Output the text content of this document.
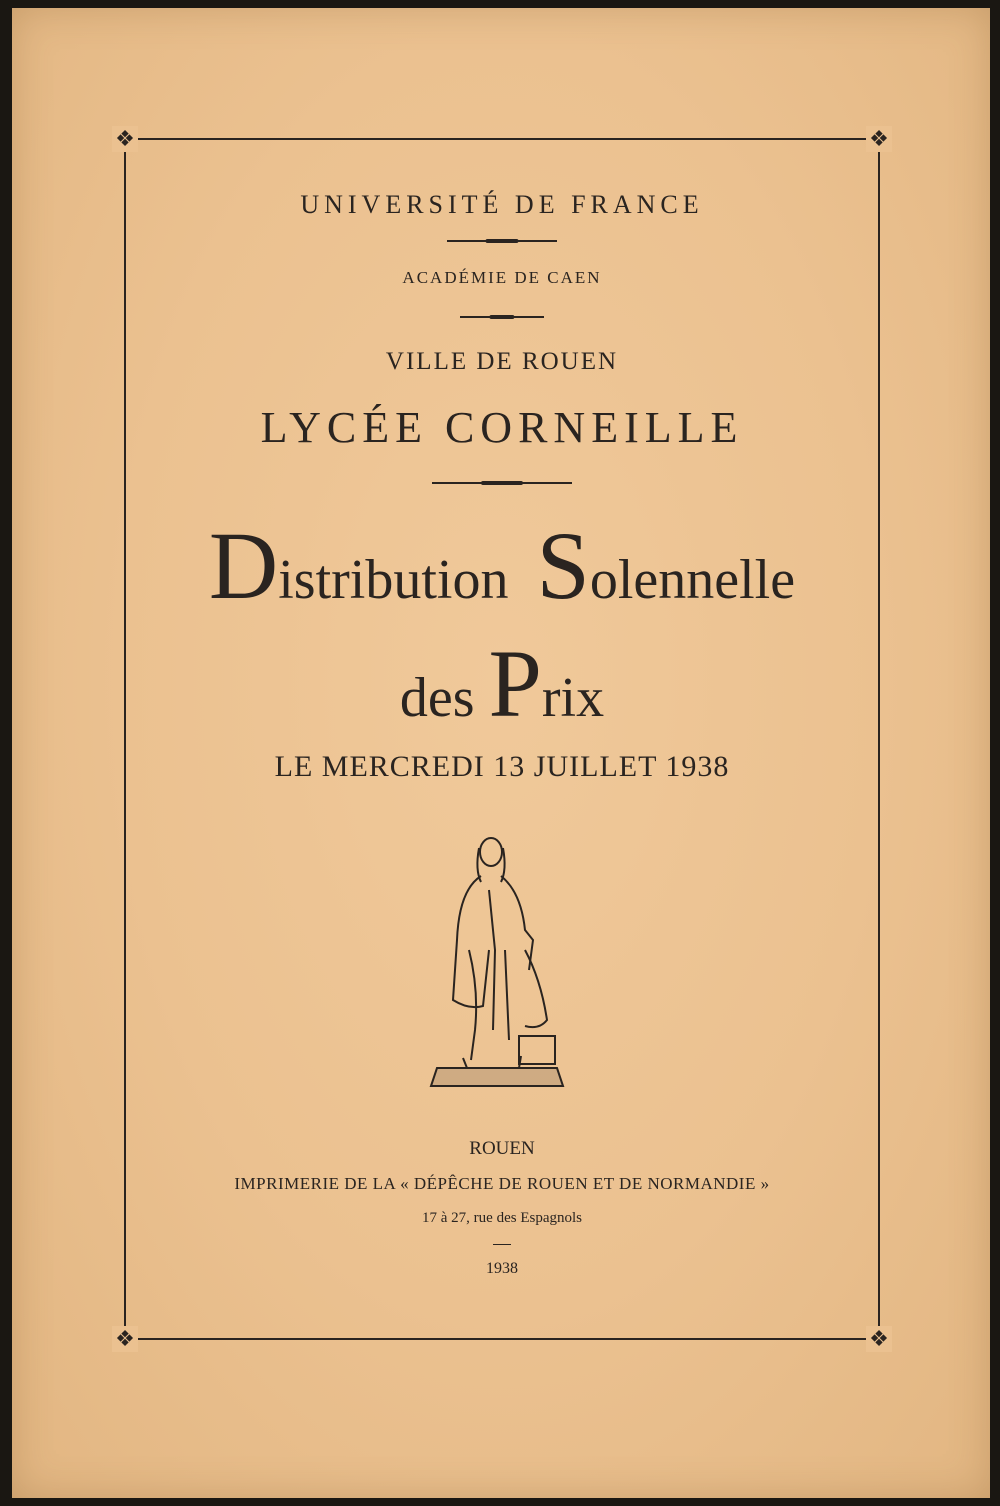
❖	❖
❖	❖
UNIVERSITÉ DE FRANCE
ACADÉMIE DE CAEN
VILLE DE ROUEN
LYCÉE CORNEILLE
Distribution Solennelle
des Prix
LE MERCREDI 13 JUILLET 1938
ROUEN
IMPRIMERIE DE LA « DÉPÊCHE DE ROUEN ET DE NORMANDIE »
17 à 27, rue des Espagnols
1938
